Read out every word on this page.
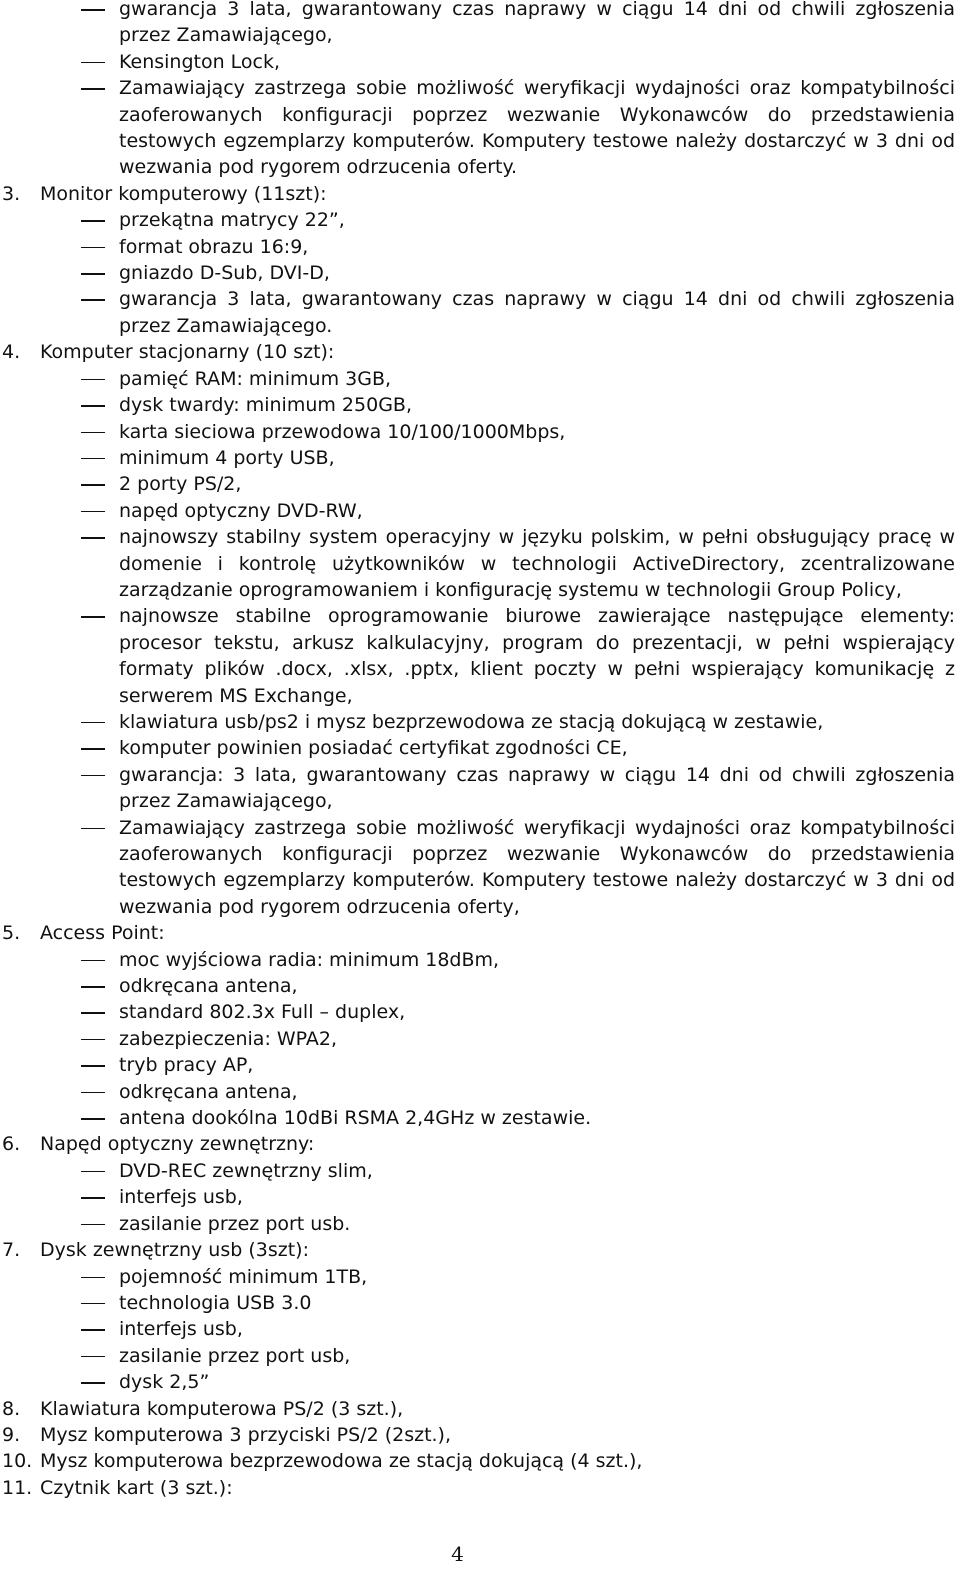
gwarancja 3 lata, gwarantowany czas naprawy w ciągu 14 dni od chwili zgłoszenia przez Zamawiającego,
Kensington Lock,
Zamawiający zastrzega sobie możliwość weryfikacji wydajności oraz kompatybilności zaoferowanych konfiguracji poprzez wezwanie Wykonawców do przedstawienia testowych egzemplarzy komputerów. Komputery testowe należy dostarczyć w 3 dni od wezwania pod rygorem odrzucenia oferty.
3. Monitor komputerowy (11szt):
przekątna matrycy 22”,
format obrazu 16:9,
gniazdo D-Sub, DVI-D,
gwarancja 3 lata, gwarantowany czas naprawy w ciągu 14 dni od chwili zgłoszenia przez Zamawiającego.
4. Komputer stacjonarny (10 szt):
pamięć RAM: minimum 3GB,
dysk twardy: minimum 250GB,
karta sieciowa przewodowa 10/100/1000Mbps,
minimum 4 porty USB,
2 porty PS/2,
napęd optyczny DVD-RW,
najnowszy stabilny system operacyjny w języku polskim, w pełni obsługujący pracę w domenie i kontrolę użytkowników w technologii ActiveDirectory, zcentralizowane zarządzanie oprogramowaniem i konfigurację systemu w technologii Group Policy,
najnowsze stabilne oprogramowanie biurowe zawierające następujące elementy: procesor tekstu, arkusz kalkulacyjny, program do prezentacji, w pełni wspierający formaty plików .docx, .xlsx, .pptx, klient poczty w pełni wspierający komunikację z serwerem MS Exchange,
klawiatura usb/ps2 i mysz bezprzewodowa ze stacją dokującą w zestawie,
komputer powinien posiadać certyfikat zgodności CE,
gwarancja: 3 lata, gwarantowany czas naprawy w ciągu 14 dni od chwili zgłoszenia przez Zamawiającego,
Zamawiający zastrzega sobie możliwość weryfikacji wydajności oraz kompatybilności zaoferowanych konfiguracji poprzez wezwanie Wykonawców do przedstawienia testowych egzemplarzy komputerów. Komputery testowe należy dostarczyć w 3 dni od wezwania pod rygorem odrzucenia oferty,
5. Access Point:
moc wyjściowa radia: minimum 18dBm,
odkręcana antena,
standard 802.3x Full – duplex,
zabezpieczenia: WPA2,
tryb pracy AP,
odkręcana antena,
antena dookólna 10dBi RSMA 2,4GHz w zestawie.
6. Napęd optyczny zewnętrzny:
DVD-REC zewnętrzny slim,
interfejs usb,
zasilanie przez port usb.
7. Dysk zewnętrzny usb (3szt):
pojemność minimum 1TB,
technologia USB 3.0
interfejs usb,
zasilanie przez port usb,
dysk 2,5”
8. Klawiatura komputerowa PS/2 (3 szt.),
9. Mysz komputerowa 3 przyciski PS/2 (2szt.),
10. Mysz komputerowa bezprzewodowa ze stacją dokującą (4 szt.),
11. Czytnik kart (3 szt.):
4
